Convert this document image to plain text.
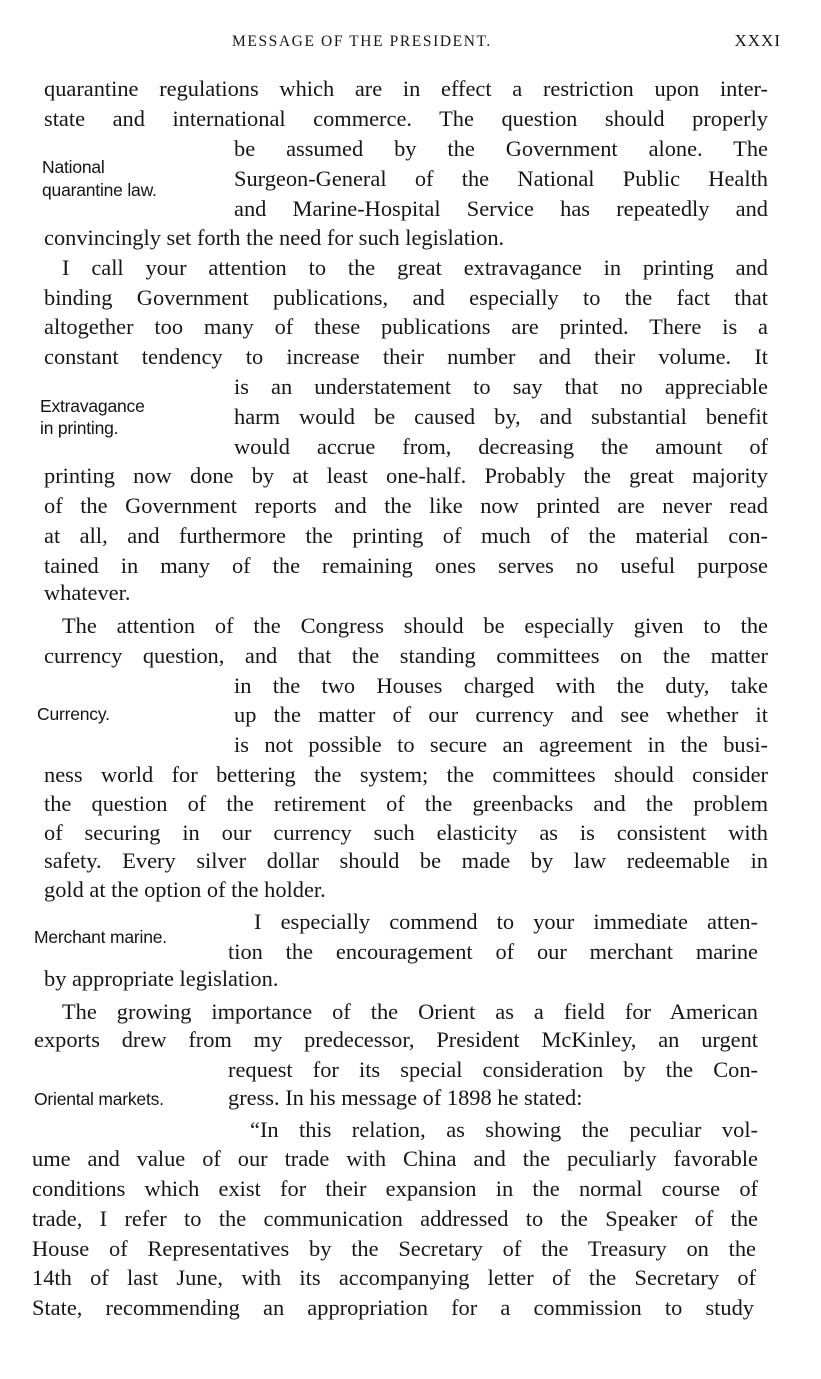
MESSAGE OF THE PRESIDENT.	XXXI
National
quarantine law.
Extravagance
in printing.
Currency.
Merchant marine.
Oriental markets.
quarantine regulations which are in effect a restriction upon inter-
state and international commerce. The question should properly
be assumed by the Government alone. The
Surgeon-General of the National Public Health
and Marine-Hospital Service has repeatedly and
convincingly set forth the need for such legislation.
I call your attention to the great extravagance in printing and
binding Government publications, and especially to the fact that
altogether too many of these publications are printed. There is a
constant tendency to increase their number and their volume. It
is an understatement to say that no appreciable
harm would be caused by, and substantial benefit
would accrue from, decreasing the amount of
printing now done by at least one-half. Probably the great majority
of the Government reports and the like now printed are never read
at all, and furthermore the printing of much of the material con-
tained in many of the remaining ones serves no useful purpose
whatever.
The attention of the Congress should be especially given to the
currency question, and that the standing committees on the matter
in the two Houses charged with the duty, take
up the matter of our currency and see whether it
is not possible to secure an agreement in the busi-
ness world for bettering the system; the committees should consider
the question of the retirement of the greenbacks and the problem
of securing in our currency such elasticity as is consistent with
safety. Every silver dollar should be made by law redeemable in
gold at the option of the holder.
I especially commend to your immediate atten-
tion the encouragement of our merchant marine
by appropriate legislation.
The growing importance of the Orient as a field for American
exports drew from my predecessor, President McKinley, an urgent
request for its special consideration by the Con-
gress. In his message of 1898 he stated:
“In this relation, as showing the peculiar vol-
ume and value of our trade with China and the peculiarly favorable
conditions which exist for their expansion in the normal course of
trade, I refer to the communication addressed to the Speaker of the
House of Representatives by the Secretary of the Treasury on the
14th of last June, with its accompanying letter of the Secretary of
State, recommending an appropriation for a commission to study
